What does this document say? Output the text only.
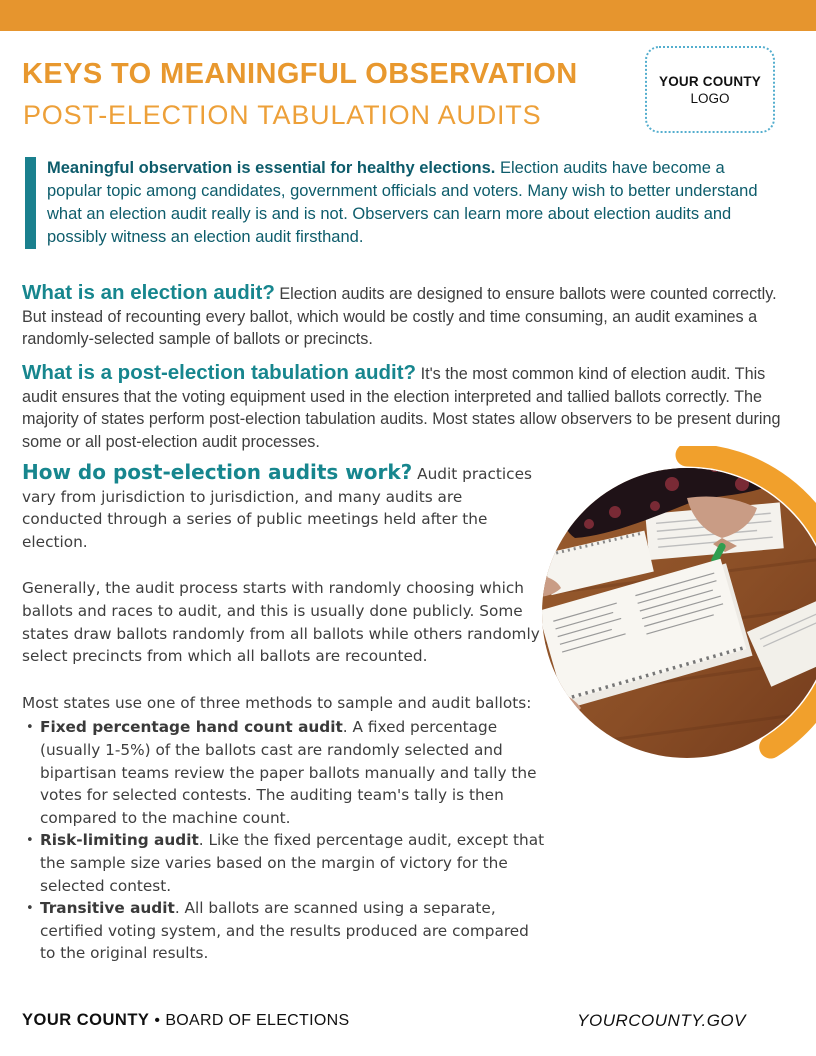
KEYS TO MEANINGFUL OBSERVATION
POST-ELECTION TABULATION AUDITS
YOUR COUNTY
LOGO
Meaningful observation is essential for healthy elections. Election audits have become a popular topic among candidates, government officials and voters. Many wish to better understand what an election audit really is and is not. Observers can learn more about election audits and possibly witness an election audit firsthand.
What is an election audit? Election audits are designed to ensure ballots were counted correctly. But instead of recounting every ballot, which would be costly and time consuming, an audit examines a randomly-selected sample of ballots or precincts.
What is a post-election tabulation audit? It's the most common kind of election audit. This audit ensures that the voting equipment used in the election interpreted and tallied ballots correctly. The majority of states perform post-election tabulation audits. Most states allow observers to be present during some or all post-election audit processes.

How do post-election audits work? Audit practices vary from jurisdiction to jurisdiction, and many audits are conducted through a series of public meetings held after the election.

Generally, the audit process starts with randomly choosing which ballots and races to audit, and this is usually done publicly. Some states draw ballots randomly from all ballots while others randomly select precincts from which all ballots are recounted.

Most states use one of three methods to sample and audit ballots:

• Fixed percentage hand count audit. A fixed percentage (usually 1-5%) of the ballots cast are randomly selected and bipartisan teams review the paper ballots manually and tally the votes for selected contests. The auditing team's tally is then compared to the machine count.
• Risk-limiting audit. Like the fixed percentage audit, except that the sample size varies based on the margin of victory for the selected contest.
• Transitive audit. All ballots are scanned using a separate, certified voting system, and the results produced are compared to the original results.
YOUR COUNTY • BOARD OF ELECTIONS	YOURCOUNTY.GOV
